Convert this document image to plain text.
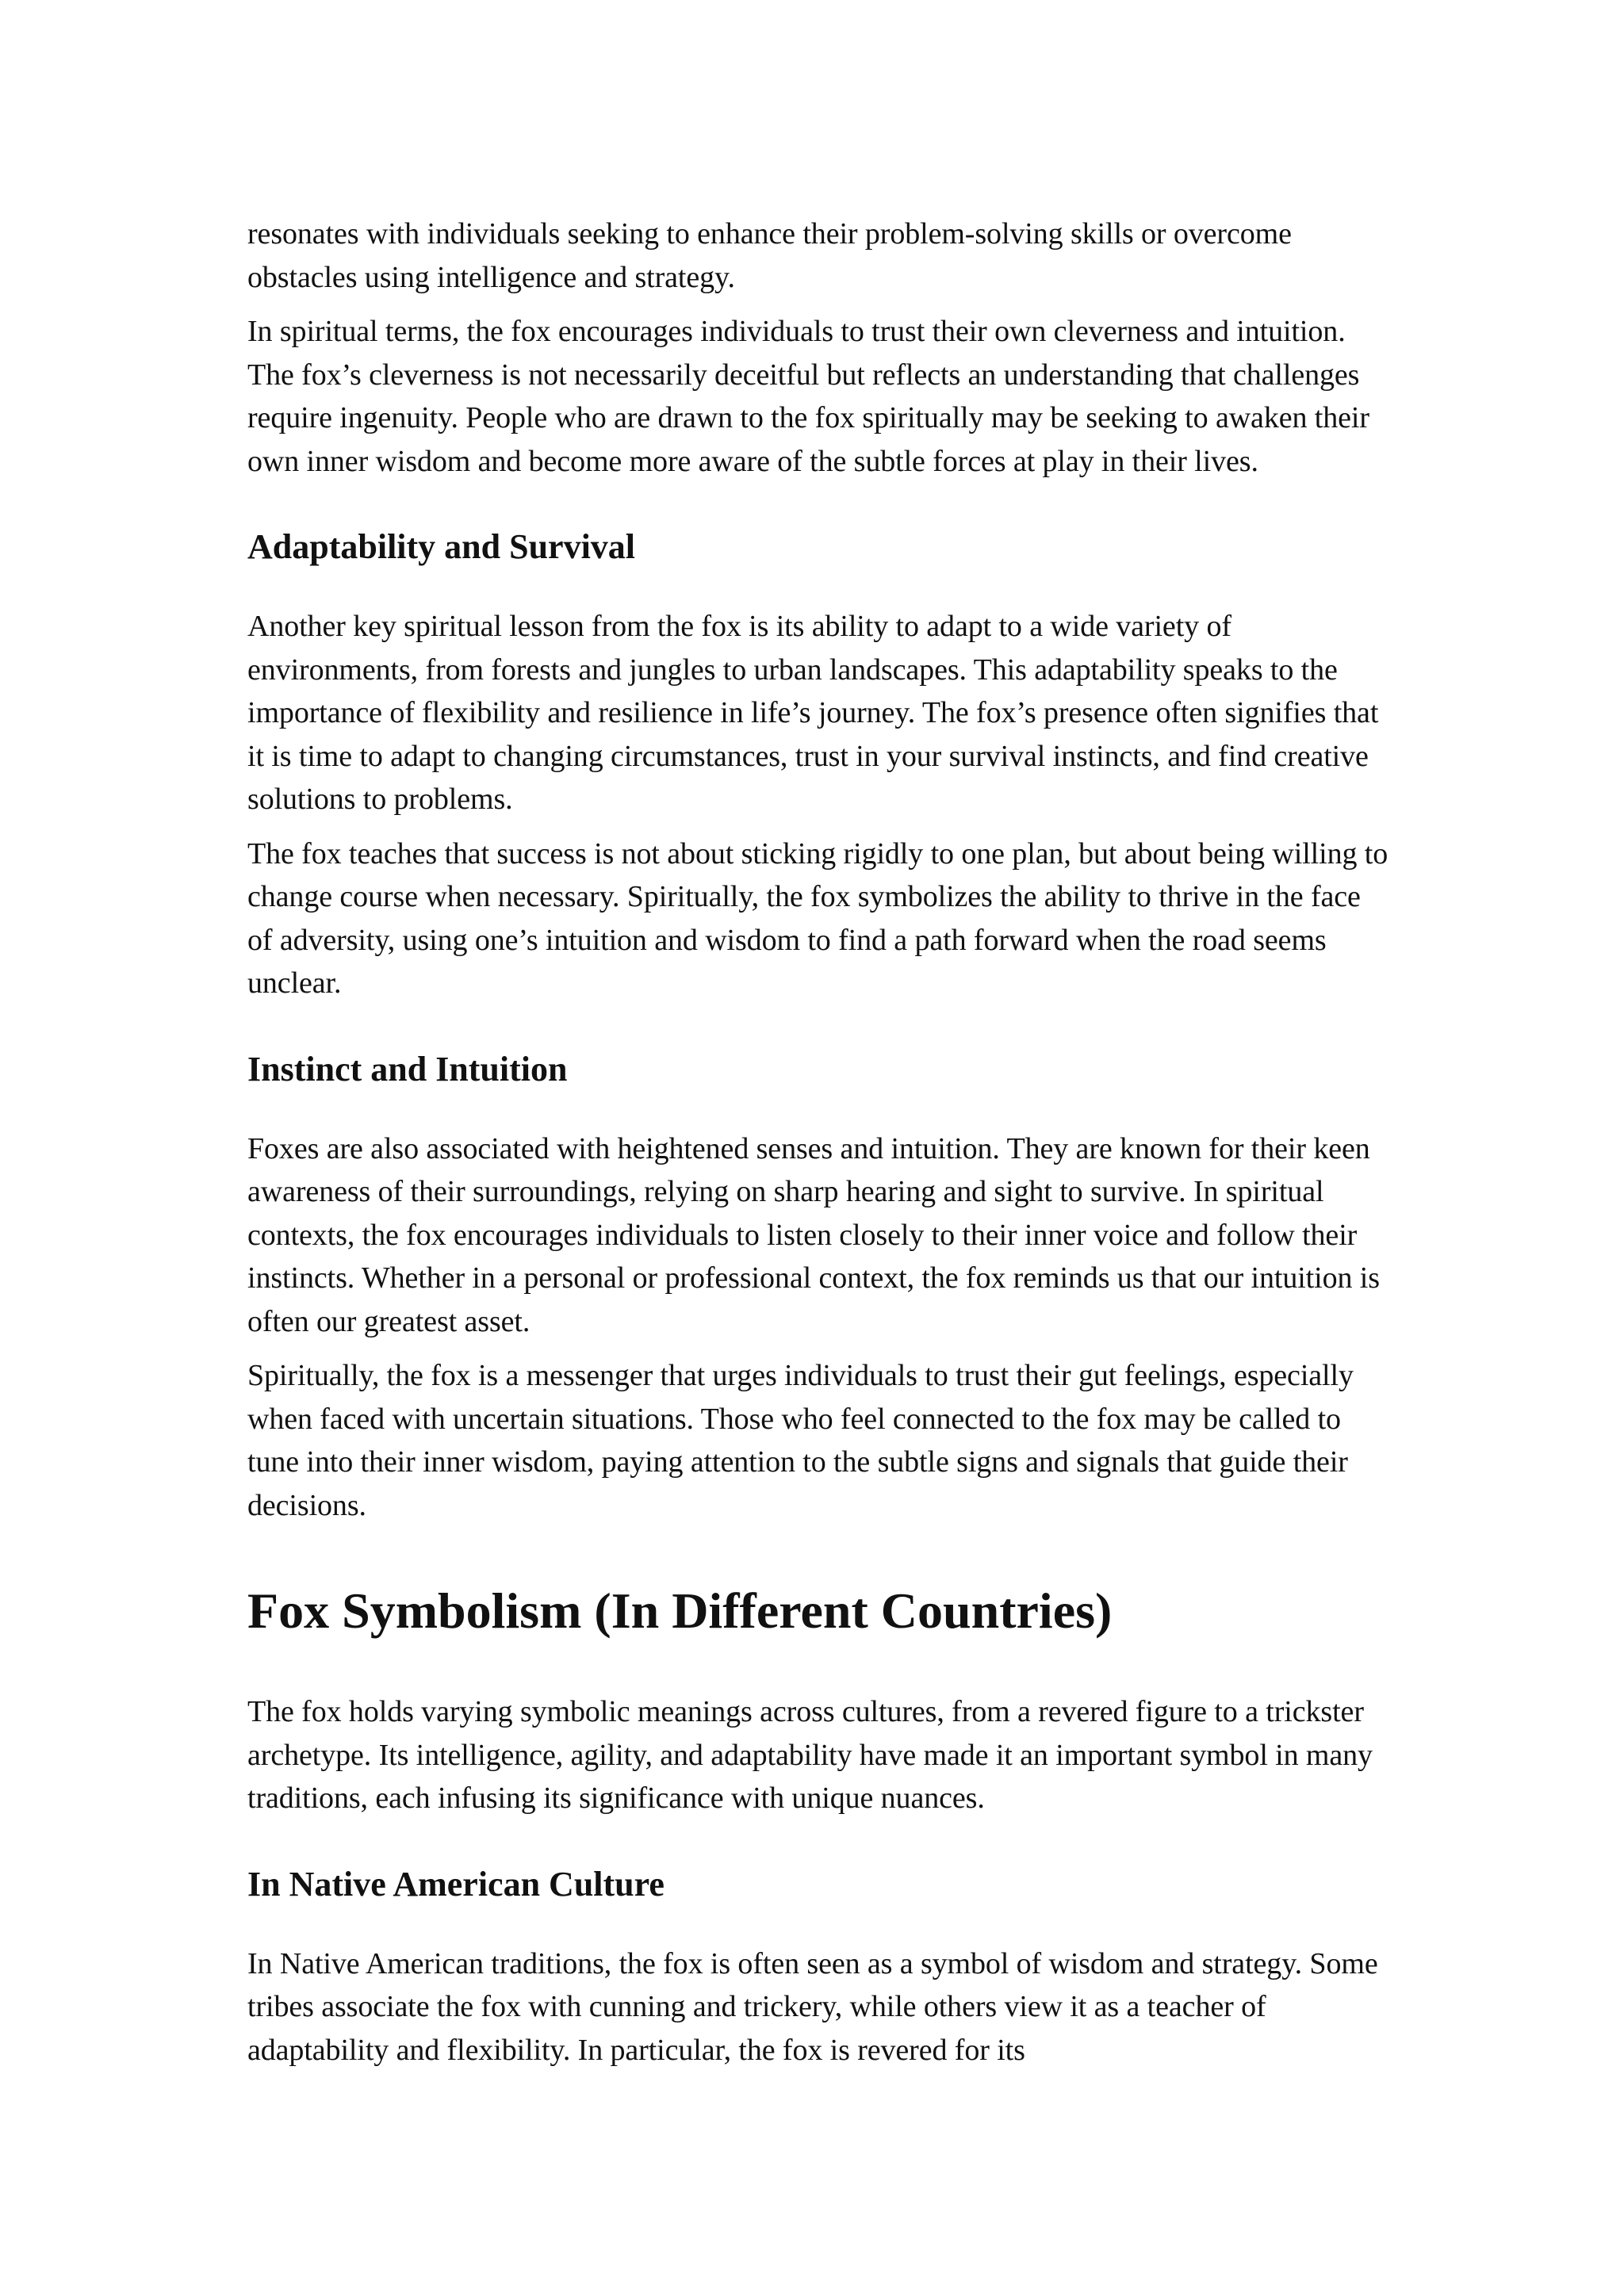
resonates with individuals seeking to enhance their problem-solving skills or overcome obstacles using intelligence and strategy.

In spiritual terms, the fox encourages individuals to trust their own cleverness and intuition. The fox’s cleverness is not necessarily deceitful but reflects an understanding that challenges require ingenuity. People who are drawn to the fox spiritually may be seeking to awaken their own inner wisdom and become more aware of the subtle forces at play in their lives.

Adaptability and Survival

Another key spiritual lesson from the fox is its ability to adapt to a wide variety of environments, from forests and jungles to urban landscapes. This adaptability speaks to the importance of flexibility and resilience in life’s journey. The fox’s presence often signifies that it is time to adapt to changing circumstances, trust in your survival instincts, and find creative solutions to problems.

The fox teaches that success is not about sticking rigidly to one plan, but about being willing to change course when necessary. Spiritually, the fox symbolizes the ability to thrive in the face of adversity, using one’s intuition and wisdom to find a path forward when the road seems unclear.

Instinct and Intuition

Foxes are also associated with heightened senses and intuition. They are known for their keen awareness of their surroundings, relying on sharp hearing and sight to survive. In spiritual contexts, the fox encourages individuals to listen closely to their inner voice and follow their instincts. Whether in a personal or professional context, the fox reminds us that our intuition is often our greatest asset.

Spiritually, the fox is a messenger that urges individuals to trust their gut feelings, especially when faced with uncertain situations. Those who feel connected to the fox may be called to tune into their inner wisdom, paying attention to the subtle signs and signals that guide their decisions.

Fox Symbolism (In Different Countries)

The fox holds varying symbolic meanings across cultures, from a revered figure to a trickster archetype. Its intelligence, agility, and adaptability have made it an important symbol in many traditions, each infusing its significance with unique nuances.

In Native American Culture

In Native American traditions, the fox is often seen as a symbol of wisdom and strategy. Some tribes associate the fox with cunning and trickery, while others view it as a teacher of adaptability and flexibility. In particular, the fox is revered for its
